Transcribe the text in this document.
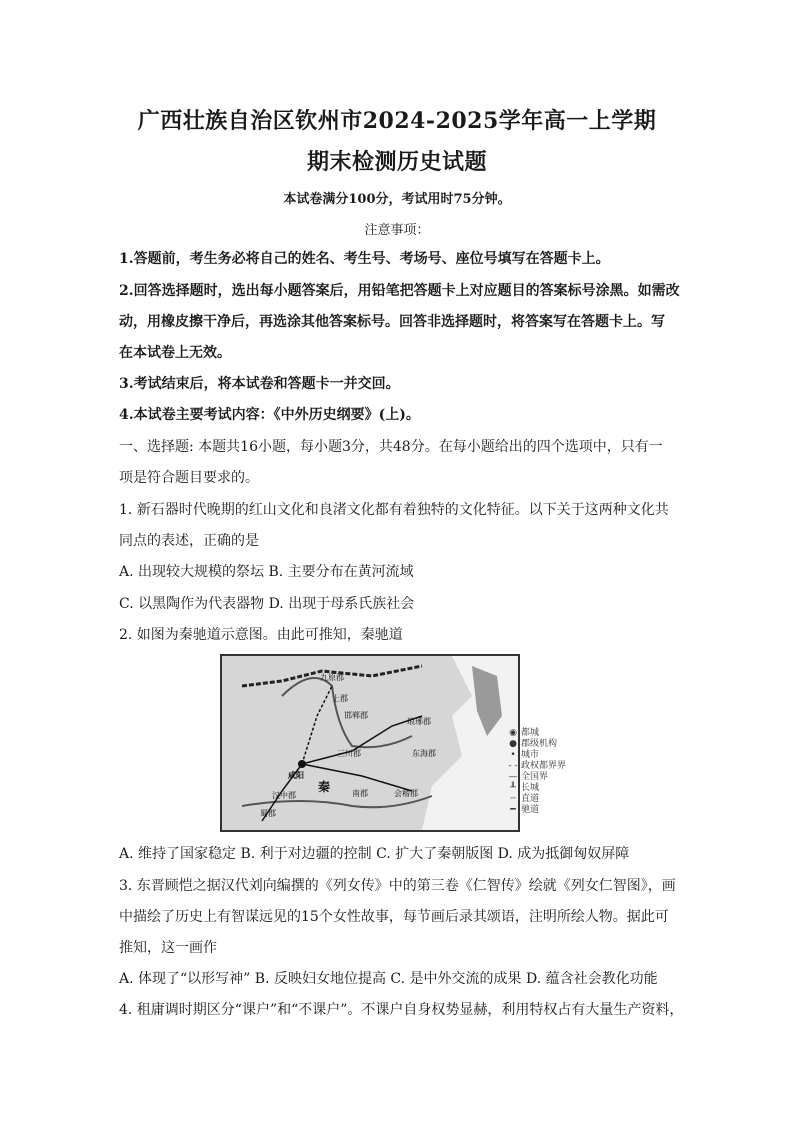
广西壮族自治区钦州市2024-2025学年高一上学期
期末检测历史试题
本试卷满分100分，考试用时75分钟。
注意事项：
1.答题前，考生务必将自己的姓名、考生号、考场号、座位号填写在答题卡上。
2.回答选择题时，选出每小题答案后，用铅笔把答题卡上对应题目的答案标号涂黑。如需改
动，用橡皮擦干净后，再选涂其他答案标号。回答非选择题时，将答案写在答题卡上。写
在本试卷上无效。
3.考试结束后，将本试卷和答题卡一并交回。
4.本试卷主要考试内容：《中外历史纲要》(上)。
一、选择题: 本题共16小题，每小题3分，共48分。在每小题给出的四个选项中，只有一
项是符合题目要求的。
1. 新石器时代晚期的红山文化和良渚文化都有着独特的文化特征。以下关于这两种文化共
同点的表述，正确的是
A. 出现较大规模的祭坛 B. 主要分布在黄河流域
C. 以黑陶作为代表器物 D. 出现于母系氏族社会
2. 如图为秦驰道示意图。由此可推知，秦驰道
九原郡
上郡
邯郸郡
三川郡
咸阳
秦
汉中郡
蜀郡
琅琊郡
会稽郡
东海郡
南郡
◉ 都城
● 郡级机构
• 城市
- - 政权都界界
— 全国界
╨ 长城
┄ 直道
━ 驰道
A. 维持了国家稳定 B. 利于对边疆的控制 C. 扩大了秦朝版图 D. 成为抵御匈奴屏障
3. 东晋顾恺之据汉代刘向编撰的《列女传》中的第三卷《仁智传》绘就《列女仁智图》，画
中描绘了历史上有智谋远见的15个女性故事，每节画后录其颂语，注明所绘人物。据此可
推知，这一画作
A. 体现了“以形写神” B. 反映妇女地位提高 C. 是中外交流的成果 D. 蕴含社会教化功能
4. 租庸调时期区分“课户”和“不课户”。不课户自身权势显赫，利用特权占有大量生产资料，
